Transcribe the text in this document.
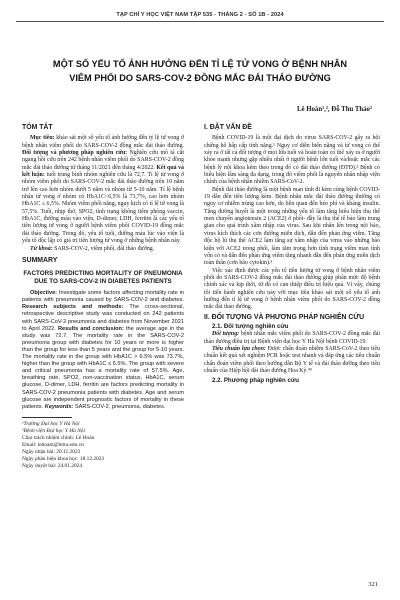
TẠP CHÍ Y HỌC VIỆT NAM TẬP 535 - THÁNG 2 - SỐ 1B - 2024
MỘT SỐ YẾU TỐ ẢNH HƯỞNG ĐẾN TỈ LỆ TỬ VONG Ở BỆNH NHÂN
VIÊM PHỔI DO SARS-COV-2 ĐỒNG MẮC ĐÁI THÁO ĐƯỜNG
Lê Hoàn¹,², Đỗ Thu Thảo²
TÓM TẮT

Mục tiêu: khảo sát một số yếu tố ảnh hưởng đến tỷ lệ tử vong ở bệnh nhân viêm phổi do SARS-COV-2 đồng mắc đái tháo đường. Đối tượng và phương pháp nghiên cứu: Nghiên cứu mô tả cắt ngang hồi cứu trên 242 bệnh nhân viêm phổi do SARS-COV-2 đồng mắc đái tháo đường từ tháng 11/2021 đến tháng 4/2022. Kết quả và kết luận: tuổi trung bình nhóm nghiên cứu là 72,7. Tỉ lệ tử vong ở nhóm viêm phổi do SARS-COV-2 mắc đái tháo đường trên 10 năm trở lên cao hơn nhóm dưới 5 năm và nhóm từ 5-10 năm. Tỉ lệ bệnh nhân tử vong ở nhóm có HbA1C<6,5% là 73,7%, cao hơn nhóm HbA1C ≤ 6,5%. Nhóm viêm phổi nặng, nguy kịch có tỉ lệ tử vong là 57,5%. Tuổi, nhịp thở, SPO2, tình trạng không tiêm phòng vaccin, HbA1C, đường máu vào viện, D-dimer, LDH, ferritin là các yếu tố tiên lượng tử vong ở người bệnh viêm phổi COVID-19 đồng mắc đái tháo đường. Trong đó, yếu tố tuổi, đường máu lúc vào viện là yếu tố độc lập có giá trị tiên lượng tử vong ở những bệnh nhân này.

Từ khoá: SARS-COV-2, viêm phổi, đái tháo đường.

SUMMARY
FACTORS PREDICTING MORTALITY OF PNEUMONIA DUE TO SARS-COV-2 IN DIABETES PATIENTS

Objective: Investigate some factors affecting mortality rate in patients with pneumonia caused by SARS-COV-2 and diabetes. Research subjects and methods: The cross-sectional, retrospective descriptive study was conducted on 242 patients with SARS-CoV-2 pneumonia and diabetes from November 2021 to April 2022. Results and conclusion: the average age in the study was 72.7. The mortality rate in the SARS-COV-2 pneumonia group with diabetes for 10 years or more is higher than the group for less than 5 years and the group for 5-10 years. The mortality rate in the group with HbA1C > 6.5% was 73.7%, higher than the group with HbA1C ≤ 6.5%. The group with severe and critical pneumonia has a mortality rate of 57.5%. Age, breathing rate, SPO2, non-vaccination status, HbA1C, serum glucose, D-dimer, LDH, ferritin are factors predicting mortality in SARS-COV-2 pneumonia patients with diabetes. Age and serum glucose are independent prognostic factors of mortality in these patients. Keywords: SARS-COV-2, pneumonia, diabetes.

¹Trường Đại học Y Hà Nội
²Bệnh viện Đại học Y Hà Nội
Chịu trách nhiệm chính: Lê Hoàn
Email: lehoam@hmu.edu.vn
Ngày nhận bài: 20.11.2023
Ngày phản biện khoa học: 18.12.2023
Ngày duyệt bài: 24.01.2024
I. ĐẶT VẤN ĐỀ

Bệnh COVID-19 là một đại dịch do virus SARS-COV-2 gây ra hội chứng hô hấp cấp tính nặng.¹ Nguy cơ diễn biến nặng và tử vong có thể xảy ra ở tất cả đối tượng ở mọi lứa tuổi và hoàn toàn có thể xảy ra ở người khỏe mạnh nhưng gặp nhiều nhất ở người bệnh lớn tuổi và/hoặc mắc các bệnh lý nội khoa kèm theo trong đó có đái tháo đường (ĐTĐ).² Bệnh có biểu hiện lâm sàng đa dạng, trong đó viêm phổi là nguyên nhân nhập viện chính của bệnh nhân nhiễm SARS-CoV-2.

Bệnh đái tháo đường là một bệnh man tính đi kèm cùng bệnh COVID-19 dẫn đến tiên lượng kém. Bệnh nhân mắc đái tháo đường thường có nguy cơ nhiễm trùng cao hơn, do liên quan đến béo phì và kháng insulin. Tăng đường huyết là một trong những yếu tố làm tăng biểu hiện thụ thể men chuyển angiotensin 2 (ACE2) ở phổi- đây là thụ thể tế bào làm trung gian cho quá trình xâm nhập của virus. Sau khi nhân lên trong nội bào, virus kích thích các cơn đường miễn dịch, dẫn đến phản ứng viêm. Tăng độc bộ lũ thụ thể ACE2 làm tăng sự xâm nhập của virus vào những bào kiện với ACE2 trong phổi, làm tăm trọng hơn tình trạng viêm man tính vốn có và dẫn đến phản ứng viêm tăng nhanh dẫn đến phản ứng miễn dịch toàn thân (cơn bão cytokin).³

Việc xác định được các yếu tố tiên lượng tử vong ở bệnh nhân viêm phổi do SARS-COV-2 đồng mắc đái tháo đường giúp phân mức độ bệnh chính xác và kịp thời, từ đó có can thiệp điều trị hiệu quả. Vì vậy, chúng tôi tiến hành nghiên cứu này với mục tiêu khảo sát một số yếu tố ảnh hưởng đến tỉ lệ tử vong ở bệnh nhân viêm phổi do SARS-COV-2 đồng mắc đái tháo đường.

II. ĐỐI TƯỢNG VÀ PHƯƠNG PHÁP NGHIÊN CỨU
2.1. Đối tượng nghiên cứu

Đối tượng: bệnh nhân mắc viêm phổi do SARS-COV-2 đồng mắc đái tháo đường điều trị tại Bệnh viện đại học Y Hà Nội bệnh COVID-19.

Tiêu chuẩn lựa chọn: Được chẩn đoán nhiễm SARS-CoV-2 theo tiêu chuẩn kết quả xét nghiệm PCR hoặc test nhanh và đáp ứng các tiêu chuẩn chẩn đoán viêm phổi theo hướng dẫn Bộ Y tế và đái tháo đường theo tiêu chuẩn của Hiệp hội đái tháo đường Hoa Kỳ.⁴⁵

2.2. Phương pháp nghiên cứu
321
